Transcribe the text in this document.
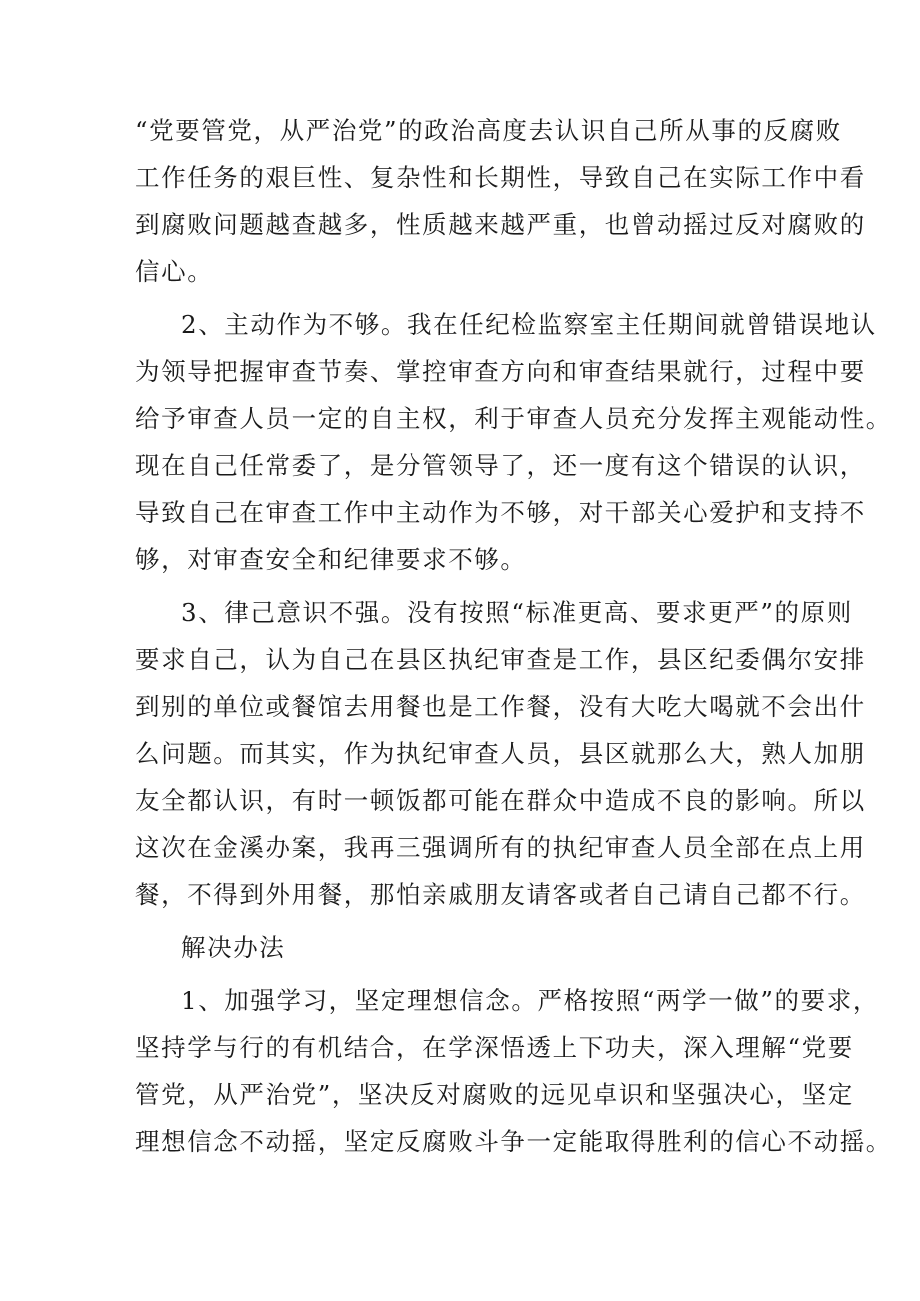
“党要管党，从严治党”的政治高度去认识自己所从事的反腐败
工作任务的艰巨性、复杂性和长期性，导致自己在实际工作中看
到腐败问题越查越多，性质越来越严重，也曾动摇过反对腐败的
信心。
2、主动作为不够。我在任纪检监察室主任期间就曾错误地认
为领导把握审查节奏、掌控审查方向和审查结果就行，过程中要
给予审查人员一定的自主权，利于审查人员充分发挥主观能动性。
现在自己任常委了，是分管领导了，还一度有这个错误的认识，
导致自己在审查工作中主动作为不够，对干部关心爱护和支持不
够，对审查安全和纪律要求不够。
3、律己意识不强。没有按照“标准更高、要求更严”的原则
要求自己，认为自己在县区执纪审查是工作，县区纪委偶尔安排
到别的单位或餐馆去用餐也是工作餐，没有大吃大喝就不会出什
么问题。而其实，作为执纪审查人员，县区就那么大，熟人加朋
友全都认识，有时一顿饭都可能在群众中造成不良的影响。所以
这次在金溪办案，我再三强调所有的执纪审查人员全部在点上用
餐，不得到外用餐，那怕亲戚朋友请客或者自己请自己都不行。
解决办法
1、加强学习，坚定理想信念。严格按照“两学一做”的要求，
坚持学与行的有机结合，在学深悟透上下功夫，深入理解“党要
管党，从严治党”，坚决反对腐败的远见卓识和坚强决心，坚定
理想信念不动摇，坚定反腐败斗争一定能取得胜利的信心不动摇。
